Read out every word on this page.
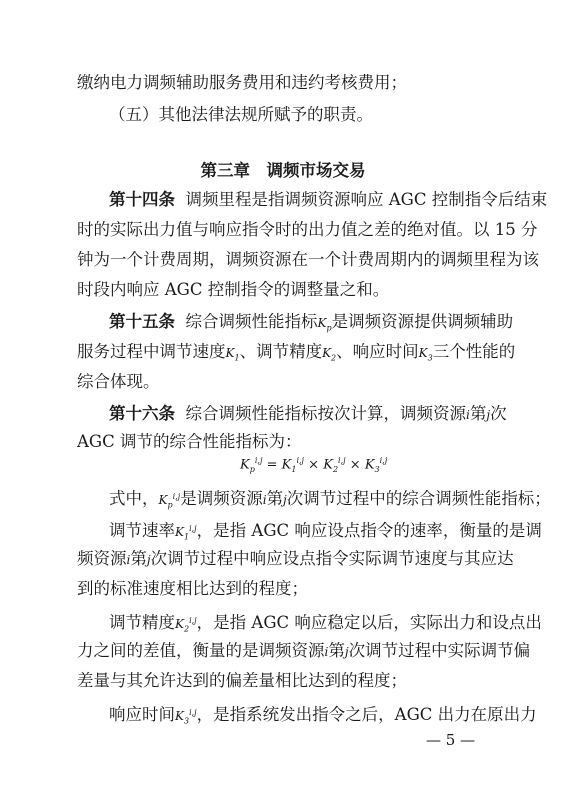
缴纳电力调频辅助服务费用和违约考核费用；
（五）其他法律法规所赋予的职责。
第三章　调频市场交易
第十四条 调频里程是指调频资源响应 AGC 控制指令后结束
时的实际出力值与响应指令时的出力值之差的绝对值。以 15 分
钟为一个计费周期，调频资源在一个计费周期内的调频里程为该
时段内响应 AGC 控制指令的调整量之和。
第十五条 综合调频性能指标$K_p$是调频资源提供调频辅助
服务过程中调节速度$K_1$、调节精度$K_2$、响应时间$K_3$三个性能的
综合体现。
第十六条 综合调频性能指标按次计算，调频资源i第j次
AGC 调节的综合性能指标为：
$K_p^{i,j} = K_1^{i,j} \times K_2^{i,j} \times K_3^{i,j}$
式中，$K_p^{i,j}$是调频资源i第j次调节过程中的综合调频性能指标；
调节速率$K_1^{i,j}$，是指 AGC 响应设点指令的速率，衡量的是调
频资源i第j次调节过程中响应设点指令实际调节速度与其应达
到的标准速度相比达到的程度；
调节精度$K_2^{i,j}$，是指 AGC 响应稳定以后，实际出力和设点出
力之间的差值，衡量的是调频资源i第j次调节过程中实际调节偏
差量与其允许达到的偏差量相比达到的程度；
响应时间$K_3^{i,j}$，是指系统发出指令之后，AGC 出力在原出力
— 5 —
